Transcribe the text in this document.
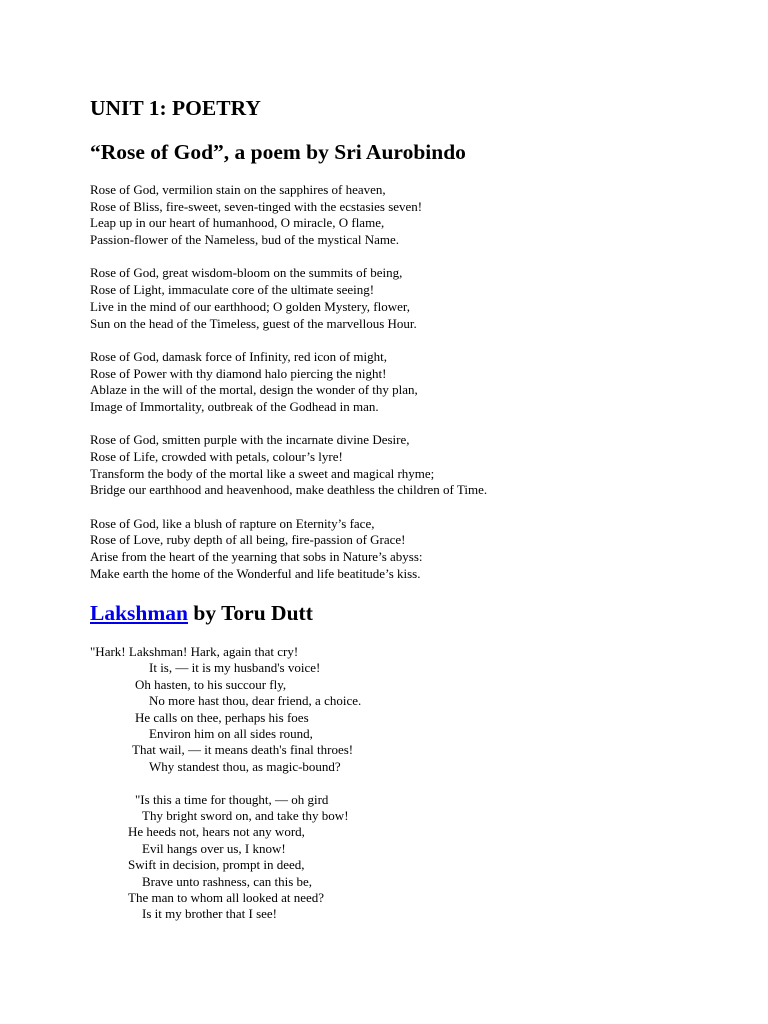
UNIT 1: POETRY
“Rose of God”, a poem by Sri Aurobindo
Rose of God, vermilion stain on the sapphires of heaven,
Rose of Bliss, fire-sweet, seven-tinged with the ecstasies seven!
Leap up in our heart of humanhood, O miracle, O flame,
Passion-flower of the Nameless, bud of the mystical Name.
Rose of God, great wisdom-bloom on the summits of being,
Rose of Light, immaculate core of the ultimate seeing!
Live in the mind of our earthhood; O golden Mystery, flower,
Sun on the head of the Timeless, guest of the marvellous Hour.
Rose of God, damask force of Infinity, red icon of might,
Rose of Power with thy diamond halo piercing the night!
Ablaze in the will of the mortal, design the wonder of thy plan,
Image of Immortality, outbreak of the Godhead in man.
Rose of God, smitten purple with the incarnate divine Desire,
Rose of Life, crowded with petals, colour’s lyre!
Transform the body of the mortal like a sweet and magical rhyme;
Bridge our earthhood and heavenhood, make deathless the children of Time.
Rose of God, like a blush of rapture on Eternity’s face,
Rose of Love, ruby depth of all being, fire-passion of Grace!
Arise from the heart of the yearning that sobs in Nature’s abyss:
Make earth the home of the Wonderful and life beatitude’s kiss.
Lakshman by Toru Dutt
"Hark! Lakshman! Hark, again that cry!
It is, — it is my husband's voice!
Oh hasten, to his succour fly,
No more hast thou, dear friend, a choice.
He calls on thee, perhaps his foes
Environ him on all sides round,
That wail, — it means death's final throes!
Why standest thou, as magic-bound?
"Is this a time for thought, — oh gird
Thy bright sword on, and take thy bow!
He heeds not, hears not any word,
Evil hangs over us, I know!
Swift in decision, prompt in deed,
Brave unto rashness, can this be,
The man to whom all looked at need?
Is it my brother that I see!
